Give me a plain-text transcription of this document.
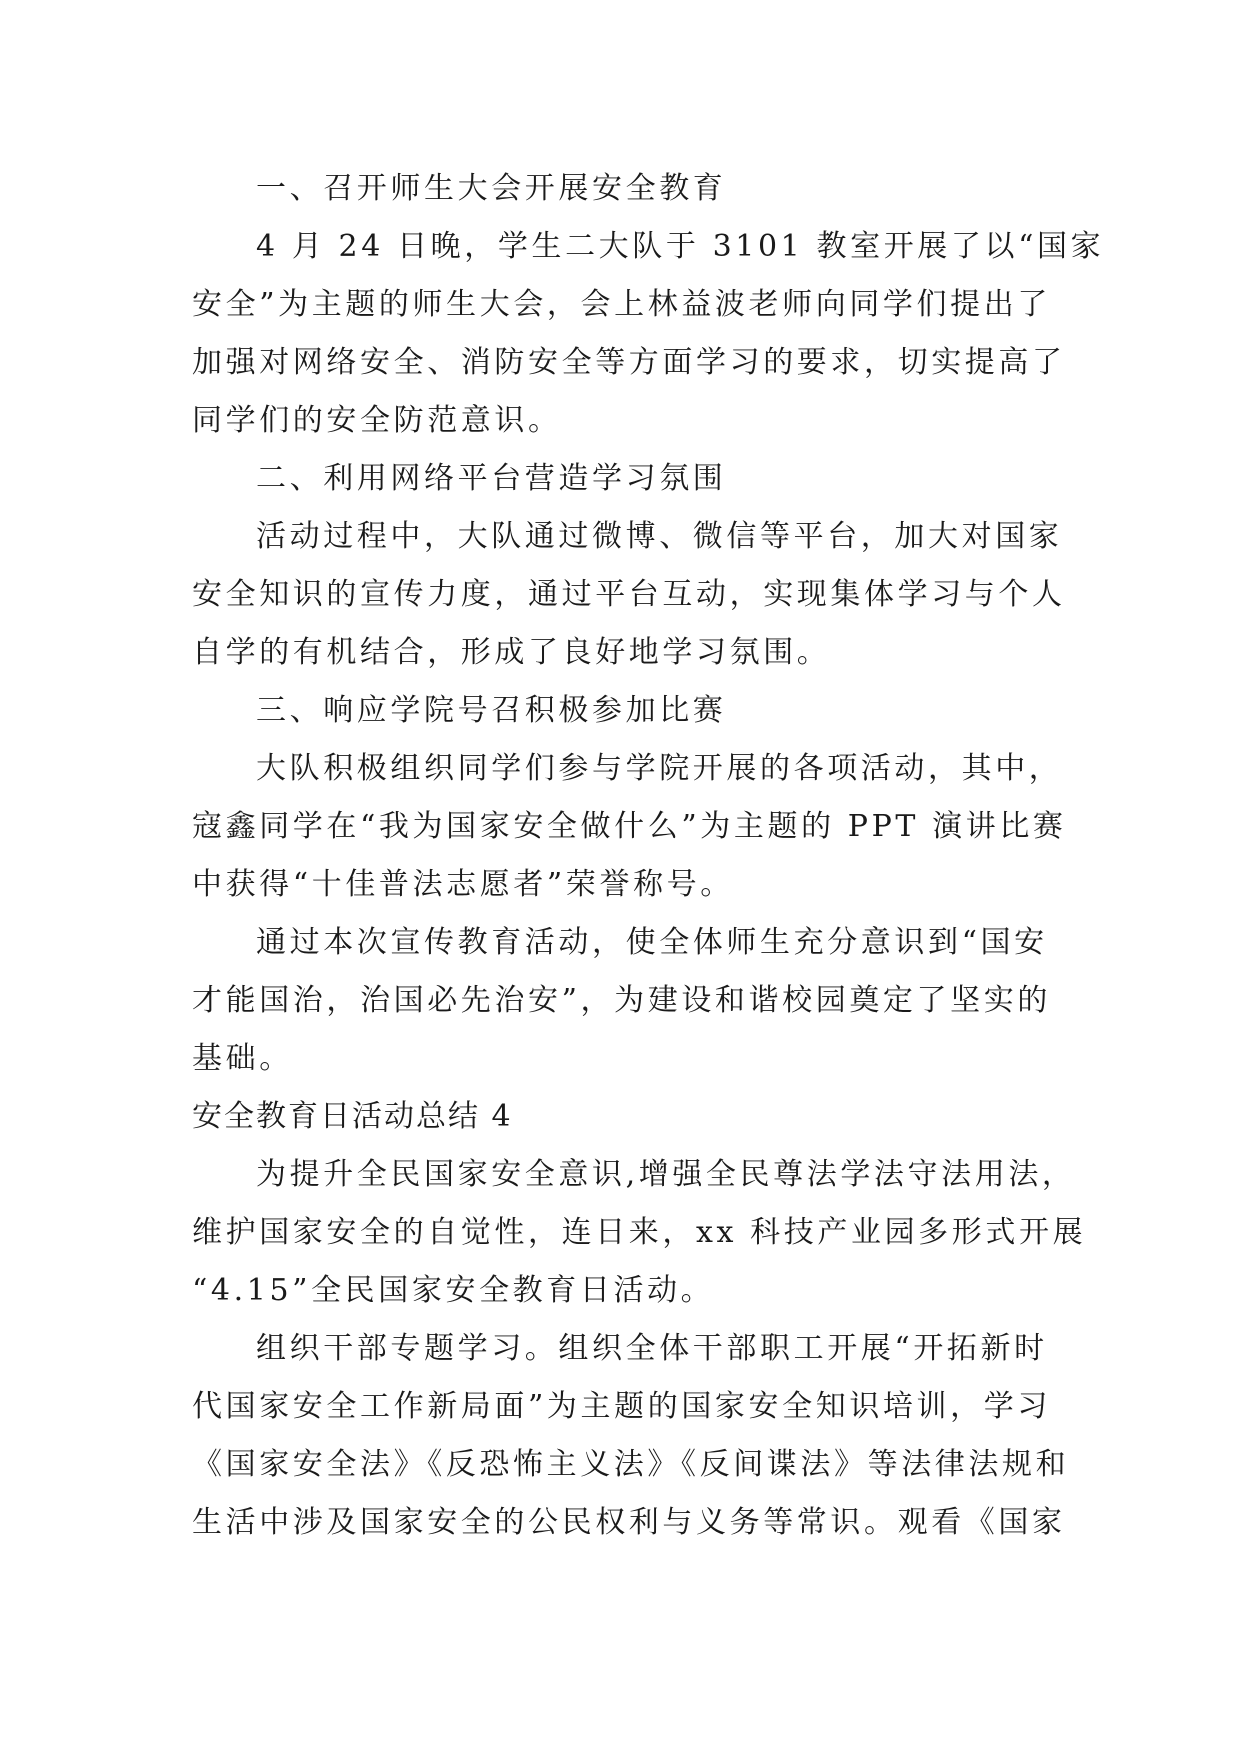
一、召开师生大会开展安全教育
4 月 24 日晚，学生二大队于 3101 教室开展了以“国家
安全”为主题的师生大会，会上林益波老师向同学们提出了
加强对网络安全、消防安全等方面学习的要求，切实提高了
同学们的安全防范意识。
二、利用网络平台营造学习氛围
活动过程中，大队通过微博、微信等平台，加大对国家
安全知识的宣传力度，通过平台互动，实现集体学习与个人
自学的有机结合，形成了良好地学习氛围。
三、响应学院号召积极参加比赛
大队积极组织同学们参与学院开展的各项活动，其中，
寇鑫同学在“我为国家安全做什么”为主题的 PPT 演讲比赛
中获得“十佳普法志愿者”荣誉称号。
通过本次宣传教育活动，使全体师生充分意识到“国安
才能国治，治国必先治安”，为建设和谐校园奠定了坚实的
基础。
安全教育日活动总结 4
为提升全民国家安全意识,增强全民尊法学法守法用法，
维护国家安全的自觉性，连日来，xx 科技产业园多形式开展
“4.15”全民国家安全教育日活动。
组织干部专题学习。组织全体干部职工开展“开拓新时
代国家安全工作新局面”为主题的国家安全知识培训，学习
《国家安全法》《反恐怖主义法》《反间谍法》等法律法规和
生活中涉及国家安全的公民权利与义务等常识。观看《国家
